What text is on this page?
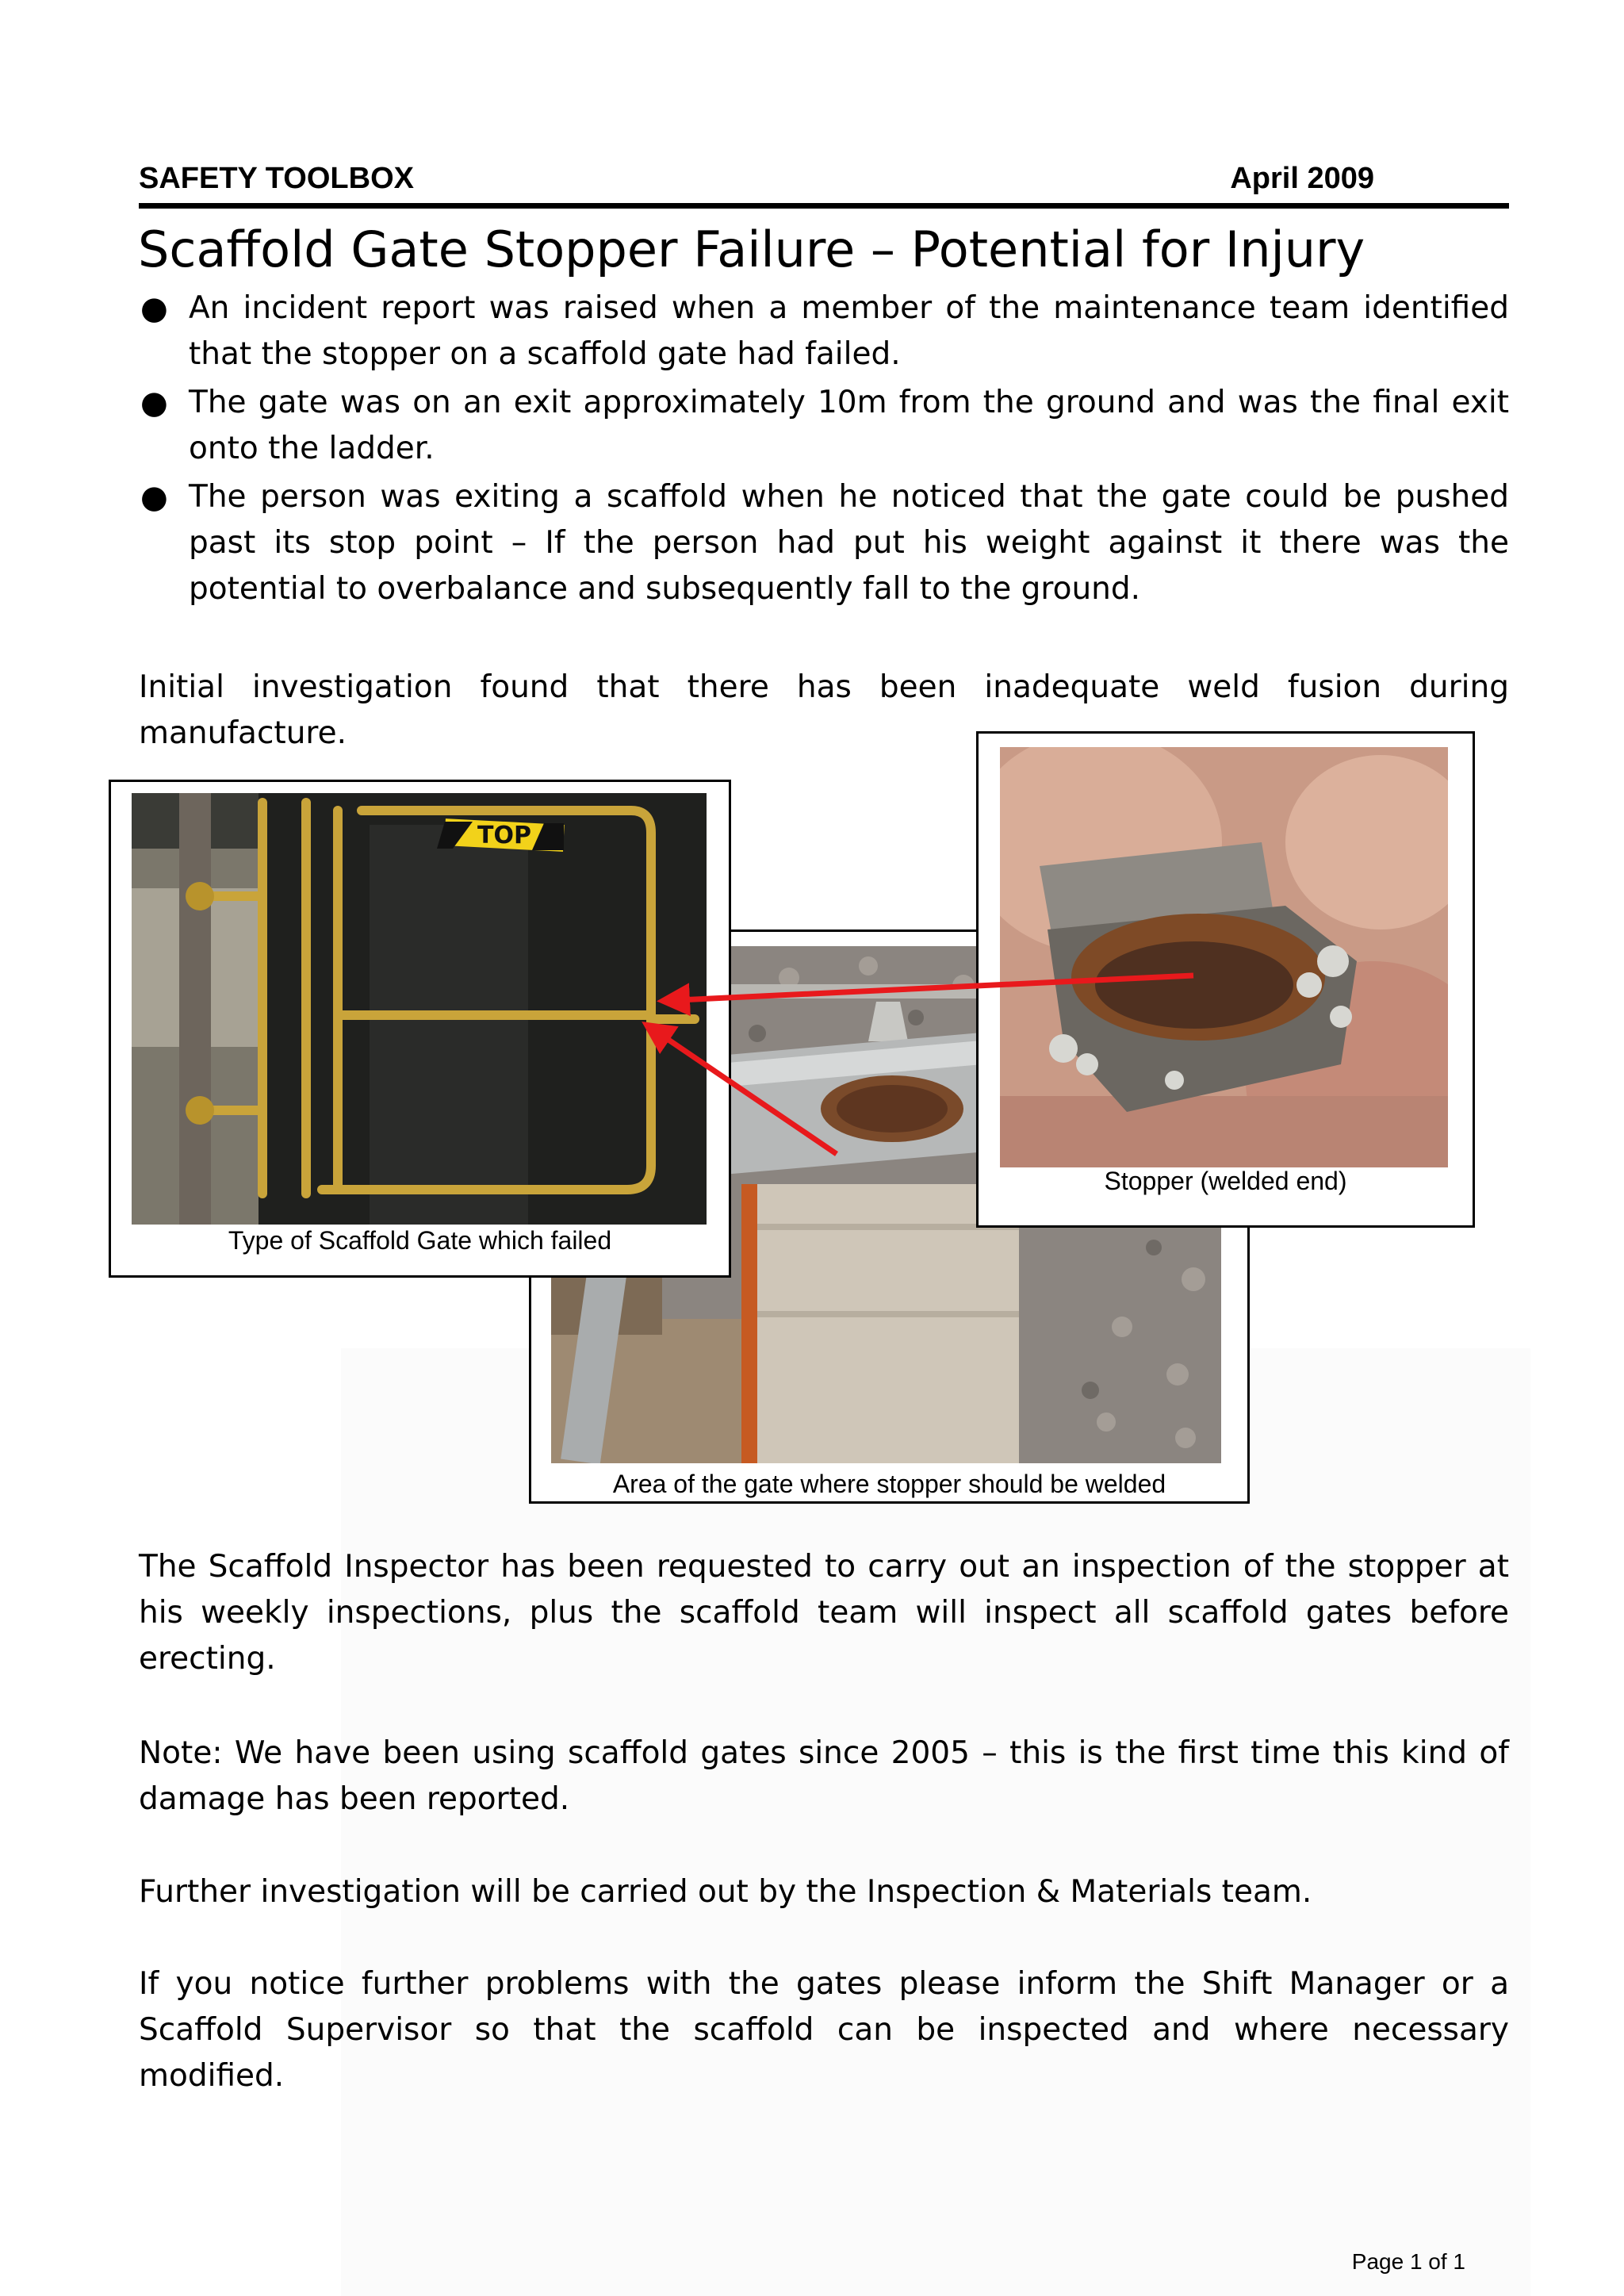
SAFETY TOOLBOX	April 2009
Scaffold Gate Stopper Failure – Potential for Injury
● An incident report was raised when a member of the maintenance team identified that the stopper on a scaffold gate had failed.
● The gate was on an exit approximately 10m from the ground and was the final exit onto the ladder.
● The person was exiting a scaffold when he noticed that the gate could be pushed past its stop point – If the person had put his weight against it there was the potential to overbalance and subsequently fall to the ground.

Initial investigation found that there has been inadequate weld fusion during manufacture.

Area of the gate where stopper should be welded
TOP
Type of Scaffold Gate which failed
Stopper (welded end)

The Scaffold Inspector has been requested to carry out an inspection of the stopper at his weekly inspections, plus the scaffold team will inspect all scaffold gates before erecting.

Note: We have been using scaffold gates since 2005 – this is the first time this kind of damage has been reported.

Further investigation will be carried out by the Inspection & Materials team.

If you notice further problems with the gates please inform the Shift Manager or a Scaffold Supervisor so that the scaffold can be inspected and where necessary modified.

Page 1 of 1
